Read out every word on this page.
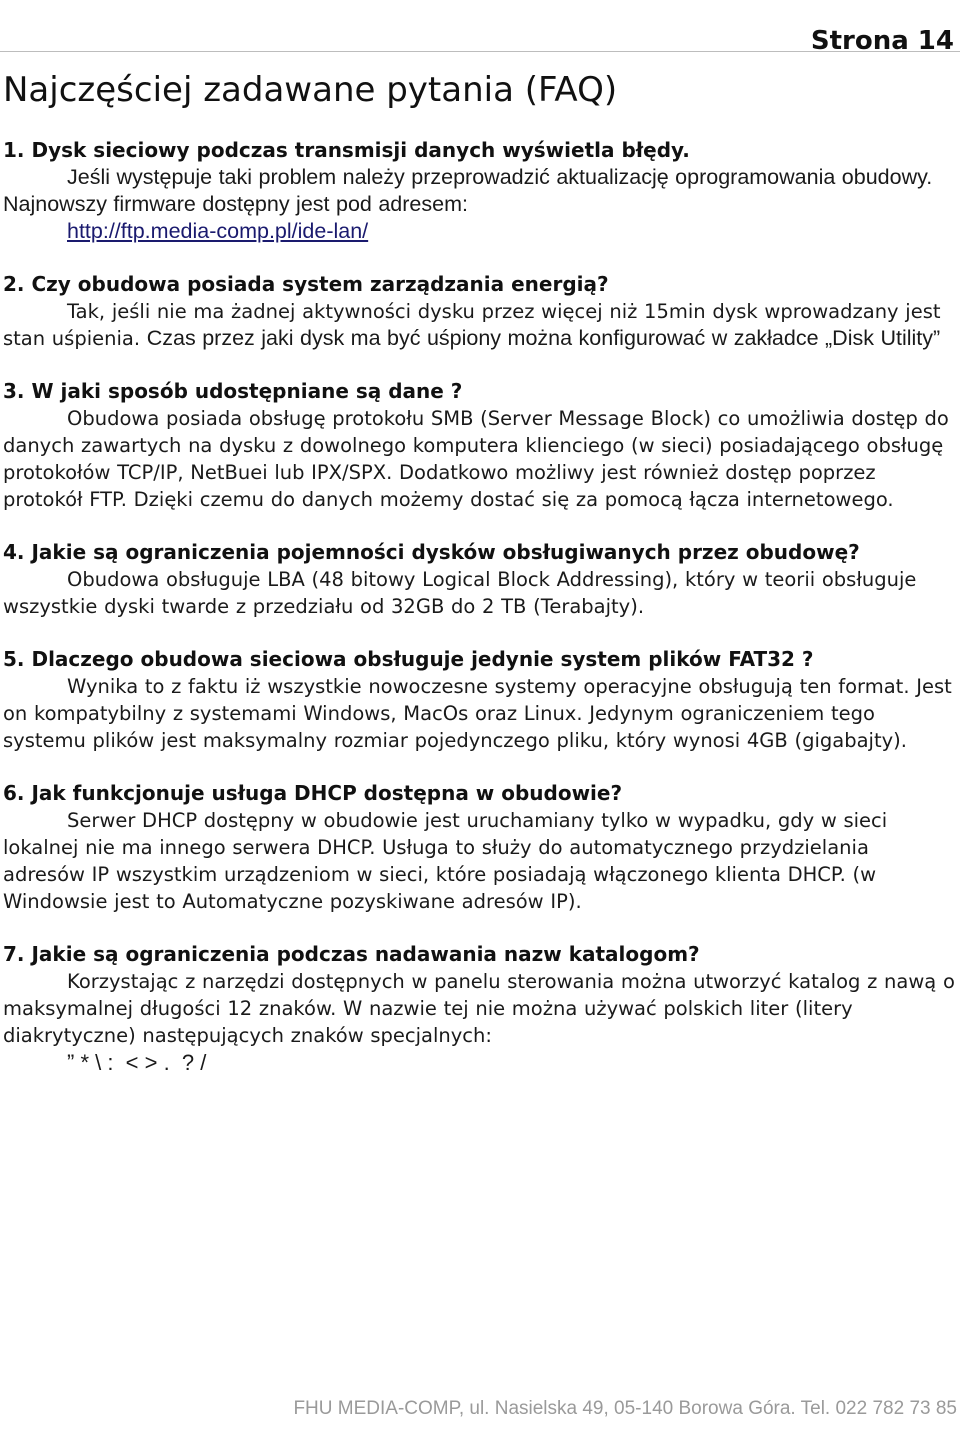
Strona 14
Najczęściej zadawane pytania (FAQ)
1. Dysk sieciowy podczas transmisji danych wyświetla błędy.
Jeśli występuje taki problem należy przeprowadzić aktualizację oprogramowania obudowy. Najnowszy firmware dostępny jest pod adresem:
http://ftp.media-comp.pl/ide-lan/
2. Czy obudowa posiada system zarządzania energią?
Tak, jeśli nie ma żadnej aktywności dysku przez więcej niż 15min dysk wprowadzany jest stan uśpienia. Czas przez jaki dysk ma być uśpiony można konfigurować w zakładce „Disk Utility”
3. W jaki sposób udostępniane są dane ?
Obudowa posiada obsługę protokołu SMB (Server Message Block) co umożliwia dostęp do danych zawartych na dysku z dowolnego komputera klienciego (w sieci) posiadającego obsługę protokołów TCP/IP, NetBuei lub IPX/SPX. Dodatkowo możliwy jest również dostęp poprzez protokół FTP. Dzięki czemu do danych możemy dostać się za pomocą łącza internetowego.
4. Jakie są ograniczenia pojemności dysków obsługiwanych przez obudowę?
Obudowa obsługuje LBA (48 bitowy Logical Block Addressing), który w teorii obsługuje wszystkie dyski twarde z przedziału od 32GB do 2 TB (Terabajty).
5. Dlaczego obudowa sieciowa obsługuje jedynie system plików FAT32 ?
Wynika to z faktu iż wszystkie nowoczesne systemy operacyjne obsługują ten format. Jest on kompatybilny z systemami Windows, MacOs oraz Linux. Jedynym ograniczeniem tego systemu plików jest maksymalny rozmiar pojedynczego pliku, który wynosi 4GB (gigabajty).
6. Jak funkcjonuje usługa DHCP dostępna w obudowie?
Serwer DHCP dostępny w obudowie jest uruchamiany tylko w wypadku, gdy w sieci lokalnej nie ma innego serwera DHCP. Usługa to służy do automatycznego przydzielania adresów IP wszystkim urządzeniom w sieci, które posiadają włączonego klienta DHCP. (w Windowsie jest to Automatyczne pozyskiwane adresów IP).
7. Jakie są ograniczenia podczas nadawania nazw katalogom?
Korzystając z narzędzi dostępnych w panelu sterowania można utworzyć katalog z nawą o maksymalnej długości 12 znaków. W nazwie tej nie można używać polskich liter (litery diakrytyczne) następujących znaków specjalnych:
” * \ :  < > .  ? /
FHU MEDIA-COMP, ul. Nasielska 49, 05-140 Borowa Góra. Tel. 022 782 73 85
